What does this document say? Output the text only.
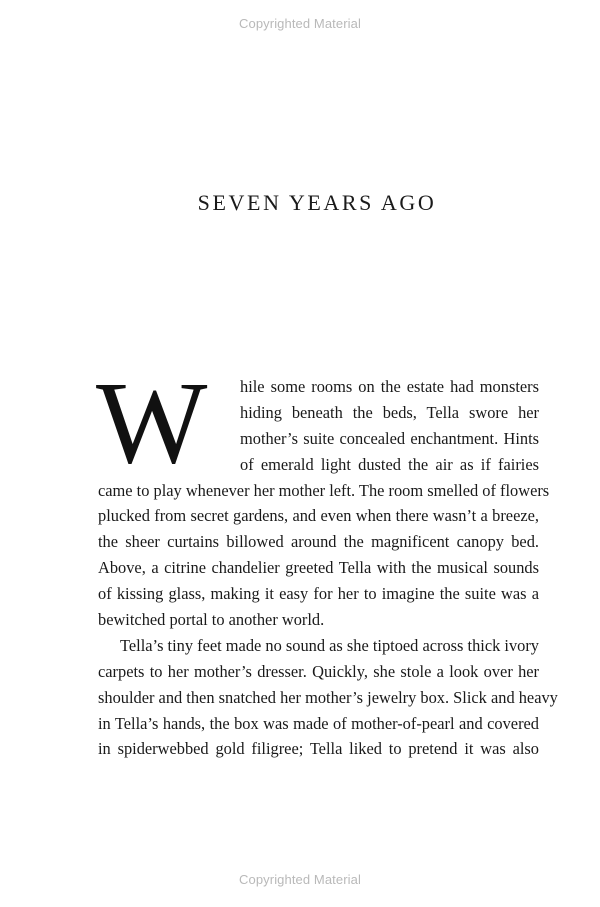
Copyrighted Material
SEVEN YEARS AGO
W hile some rooms on the estate had monsters
hiding beneath the beds, Tella swore her
mother’s suite concealed enchantment. Hints
of emerald light dusted the air as if fairies
came to play whenever her mother left. The room smelled of flowers
plucked from secret gardens, and even when there wasn’t a breeze,
the sheer curtains billowed around the magnificent canopy bed.
Above, a citrine chandelier greeted Tella with the musical sounds
of kissing glass, making it easy for her to imagine the suite was a
bewitched portal to another world.
Tella’s tiny feet made no sound as she tiptoed across thick ivory
carpets to her mother’s dresser. Quickly, she stole a look over her
shoulder and then snatched her mother’s jewelry box. Slick and heavy
in Tella’s hands, the box was made of mother-of-pearl and covered
in spiderwebbed gold filigree; Tella liked to pretend it was also
Copyrighted Material
